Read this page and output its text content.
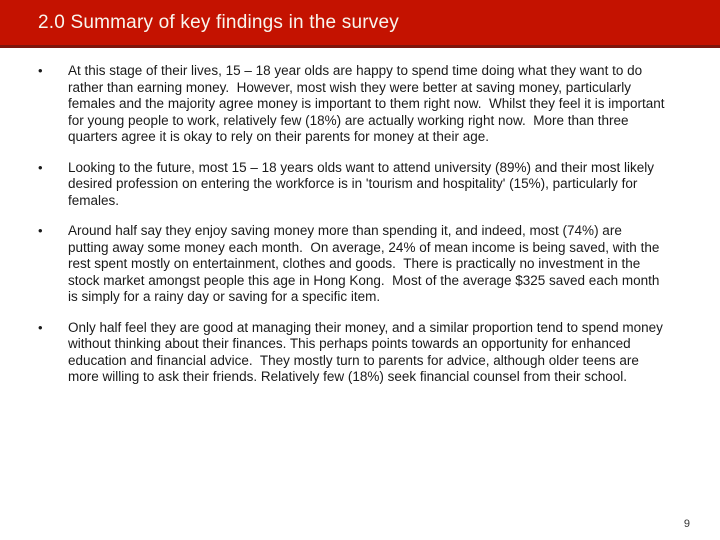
2.0 Summary of key findings in the survey
•	At this stage of their lives, 15 – 18 year olds are happy to spend time doing what they want to do rather than earning money.  However, most wish they were better at saving money, particularly females and the majority agree money is important to them right now.  Whilst they feel it is important for young people to work, relatively few (18%) are actually working right now.  More than three quarters agree it is okay to rely on their parents for money at their age.
•	Looking to the future, most 15 – 18 years olds want to attend university (89%) and their most likely desired profession on entering the workforce is in 'tourism and hospitality' (15%), particularly for females.
•	Around half say they enjoy saving money more than spending it, and indeed, most (74%) are putting away some money each month.  On average, 24% of mean income is being saved, with the rest spent mostly on entertainment, clothes and goods.  There is practically no investment in the stock market amongst people this age in Hong Kong.  Most of the average $325 saved each month is simply for a rainy day or saving for a specific item.
•	Only half feel they are good at managing their money, and a similar proportion tend to spend money without thinking about their finances. This perhaps points towards an opportunity for enhanced education and financial advice.  They mostly turn to parents for advice, although older teens are more willing to ask their friends. Relatively few (18%) seek financial counsel from their school.
9
